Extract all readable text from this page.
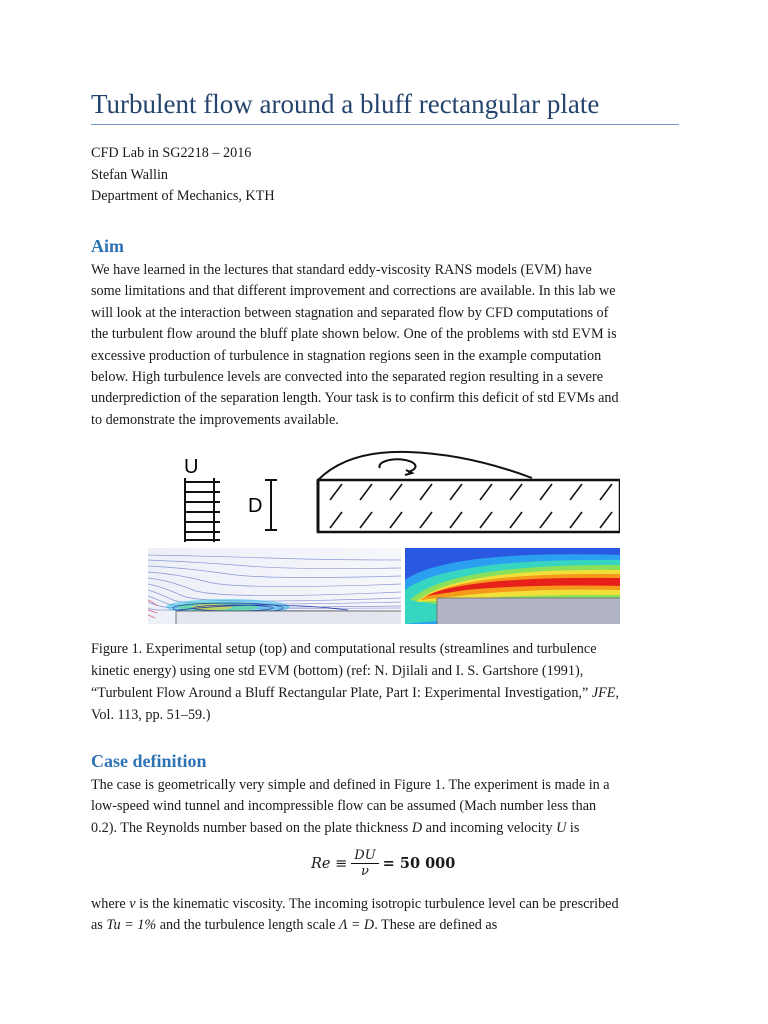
Turbulent flow around a bluff rectangular plate
CFD Lab in SG2218 – 2016
Stefan Wallin
Department of Mechanics, KTH
Aim
We have learned in the lectures that standard eddy-viscosity RANS models (EVM) have
some limitations and that different improvement and corrections are available. In this lab we
will look at the interaction between stagnation and separated flow by CFD computations of
the turbulent flow around the bluff plate shown below. One of the problems with std EVM is
excessive production of turbulence in stagnation regions seen in the example computation
below. High turbulence levels are convected into the separated region resulting in a severe
underprediction of the separation length. Your task is to confirm this deficit of std EVMs and
to demonstrate the improvements available.
U
D
Figure 1. Experimental setup (top) and computational results (streamlines and turbulence
kinetic energy) using one std EVM (bottom) (ref: N. Djilali and I. S. Gartshore (1991),
“Turbulent Flow Around a Bluff Rectangular Plate, Part I: Experimental Investigation,” JFE,
Vol. 113, pp. 51–59.)
Case definition
The case is geometrically very simple and defined in Figure 1. The experiment is made in a
low-speed wind tunnel and incompressible flow can be assumed (Mach number less than
0.2). The Reynolds number based on the plate thickness D and incoming velocity U is
Re ≡	DU	= 50 000
ν
where ν is the kinematic viscosity. The incoming isotropic turbulence level can be prescribed
as Tu = 1% and the turbulence length scale Λ = D. These are defined as
